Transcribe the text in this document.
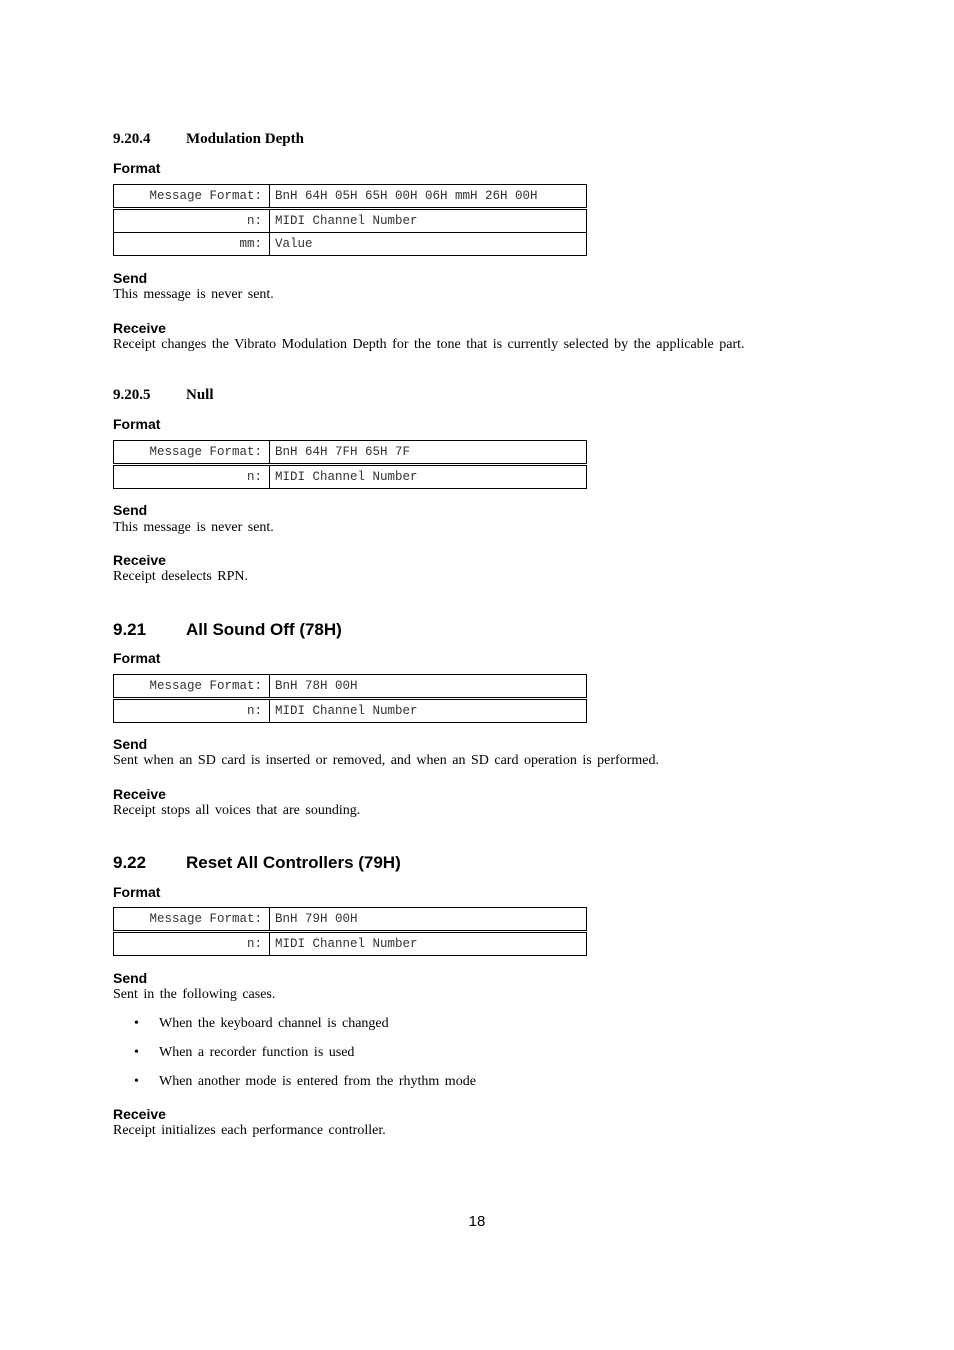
9.20.4 Modulation Depth
Format
Message Format:	BnH 64H 05H 65H 00H 06H mmH 26H 00H
n:	MIDI Channel Number
mm:	Value
Send
This message is never sent.
Receive
Receipt changes the Vibrato Modulation Depth for the tone that is currently selected by the applicable part.
9.20.5 Null
Format
Message Format:	BnH 64H 7FH 65H 7F
n:	MIDI Channel Number
Send
This message is never sent.
Receive
Receipt deselects RPN.
9.21 All Sound Off (78H)
Format
Message Format:	BnH 78H 00H
n:	MIDI Channel Number
Send
Sent when an SD card is inserted or removed, and when an SD card operation is performed.
Receive
Receipt stops all voices that are sounding.
9.22 Reset All Controllers (79H)
Format
Message Format:	BnH 79H 00H
n:	MIDI Channel Number
Send
Sent in the following cases.
• When the keyboard channel is changed
• When a recorder function is used
• When another mode is entered from the rhythm mode
Receive
Receipt initializes each performance controller.
18
